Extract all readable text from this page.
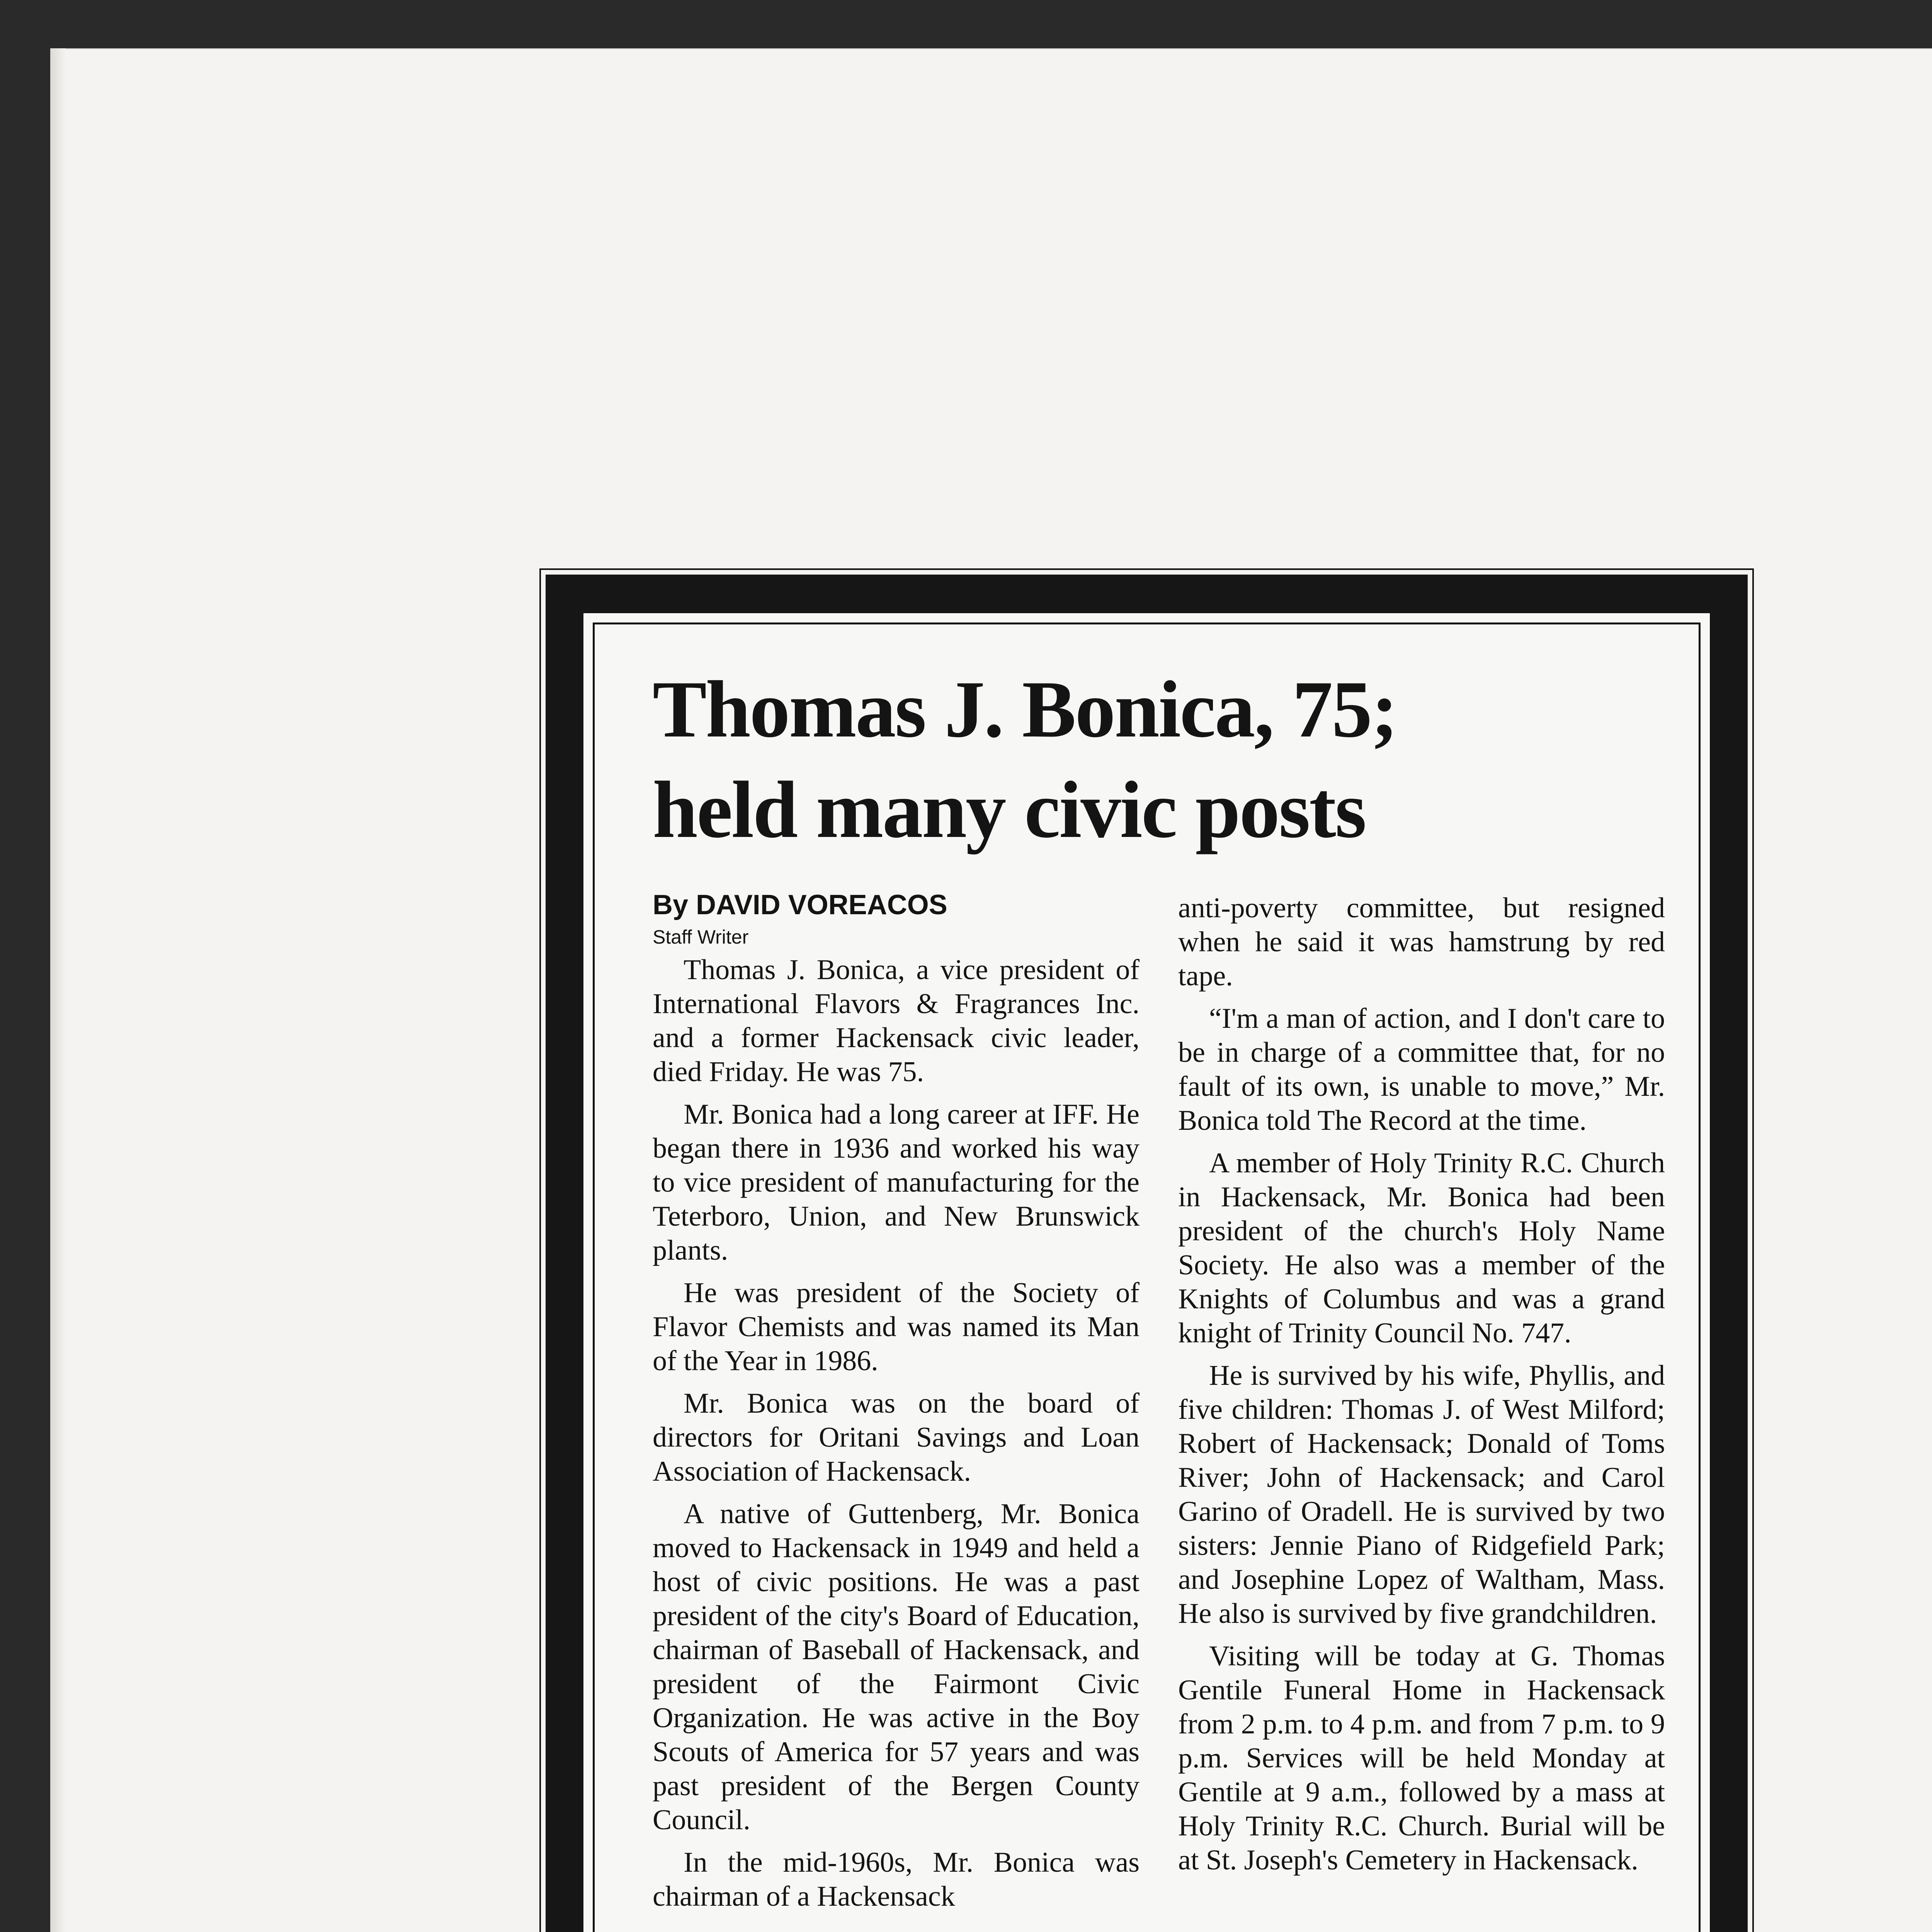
Thomas J. Bonica, 75;
held many civic posts
By DAVID VOREACOS
Staff Writer

Thomas J. Bonica, a vice president of International Flavors & Fragrances Inc. and a former Hackensack civic leader, died Friday. He was 75.

Mr. Bonica had a long career at IFF. He began there in 1936 and worked his way to vice president of manufacturing for the Teterboro, Union, and New Brunswick plants.

He was president of the Society of Flavor Chemists and was named its Man of the Year in 1986.

Mr. Bonica was on the board of directors for Oritani Savings and Loan Association of Hackensack.

A native of Guttenberg, Mr. Bonica moved to Hackensack in 1949 and held a host of civic positions. He was a past president of the city's Board of Education, chairman of Baseball of Hackensack, and president of the Fairmont Civic Organization. He was active in the Boy Scouts of America for 57 years and was past president of the Bergen County Council.

In the mid-1960s, Mr. Bonica was chairman of a Hackensack

anti-poverty committee, but resigned when he said it was hamstrung by red tape.

“I'm a man of action, and I don't care to be in charge of a committee that, for no fault of its own, is unable to move,” Mr. Bonica told The Record at the time.

A member of Holy Trinity R.C. Church in Hackensack, Mr. Bonica had been president of the church's Holy Name Society. He also was a member of the Knights of Columbus and was a grand knight of Trinity Council No. 747.

He is survived by his wife, Phyllis, and five children: Thomas J. of West Milford; Robert of Hackensack; Donald of Toms River; John of Hackensack; and Carol Garino of Oradell. He is survived by two sisters: Jennie Piano of Ridgefield Park; and Josephine Lopez of Waltham, Mass. He also is survived by five grandchildren.

Visiting will be today at G. Thomas Gentile Funeral Home in Hackensack from 2 p.m. to 4 p.m. and from 7 p.m. to 9 p.m. Services will be held Monday at Gentile at 9 a.m., followed by a mass at Holy Trinity R.C. Church. Burial will be at St. Joseph's Cemetery in Hackensack.
